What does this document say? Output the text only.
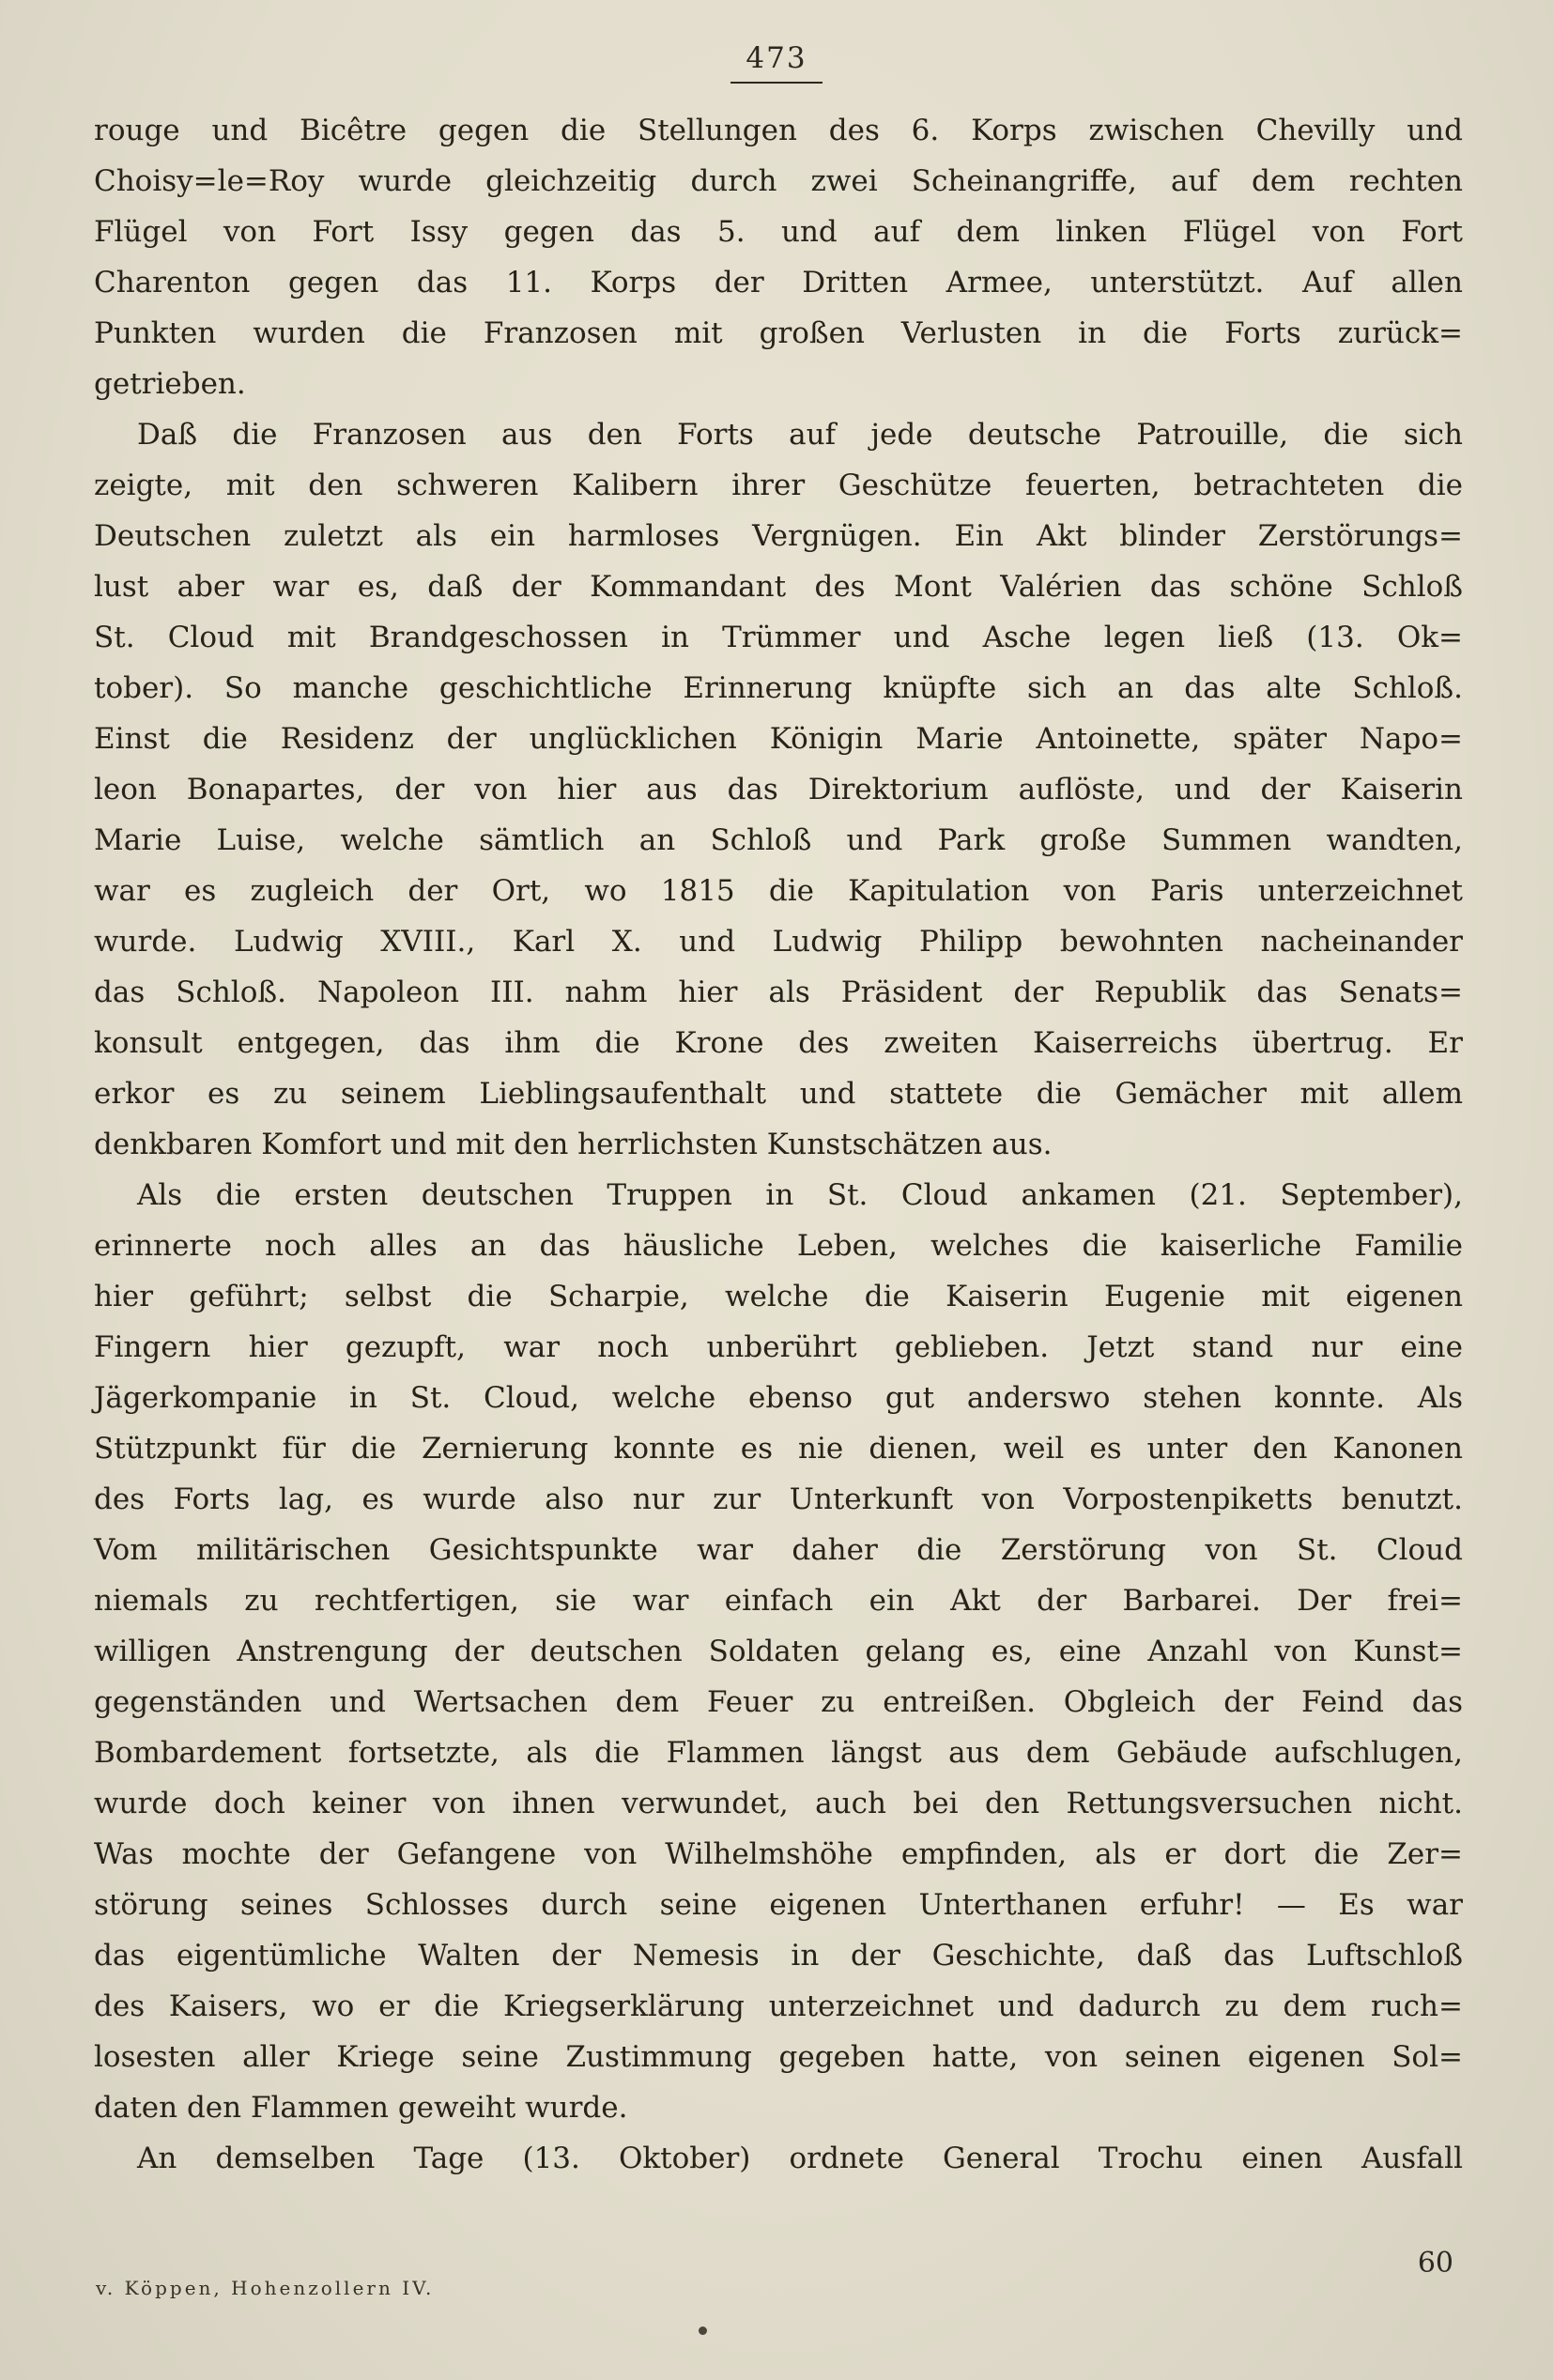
473

rouge und Bicêtre gegen die Stellungen des 6. Korps zwischen Chevilly und
Choisy=le=Roy wurde gleichzeitig durch zwei Scheinangriffe, auf dem rechten
Flügel von Fort Issy gegen das 5. und auf dem linken Flügel von Fort
Charenton gegen das 11. Korps der Dritten Armee, unterstützt. Auf allen
Punkten wurden die Franzosen mit großen Verlusten in die Forts zurück=
getrieben.

Daß die Franzosen aus den Forts auf jede deutsche Patrouille, die sich
zeigte, mit den schweren Kalibern ihrer Geschütze feuerten, betrachteten die
Deutschen zuletzt als ein harmloses Vergnügen. Ein Akt blinder Zerstörungs=
lust aber war es, daß der Kommandant des Mont Valérien das schöne Schloß
St. Cloud mit Brandgeschossen in Trümmer und Asche legen ließ (13. Ok=
tober). So manche geschichtliche Erinnerung knüpfte sich an das alte Schloß.
Einst die Residenz der unglücklichen Königin Marie Antoinette, später Napo=
leon Bonapartes, der von hier aus das Direktorium auflöste, und der Kaiserin
Marie Luise, welche sämtlich an Schloß und Park große Summen wandten,
war es zugleich der Ort, wo 1815 die Kapitulation von Paris unterzeichnet
wurde. Ludwig XVIII., Karl X. und Ludwig Philipp bewohnten nacheinander
das Schloß. Napoleon III. nahm hier als Präsident der Republik das Senats=
konsult entgegen, das ihm die Krone des zweiten Kaiserreichs übertrug. Er
erkor es zu seinem Lieblingsaufenthalt und stattete die Gemächer mit allem
denkbaren Komfort und mit den herrlichsten Kunstschätzen aus.

Als die ersten deutschen Truppen in St. Cloud ankamen (21. September),
erinnerte noch alles an das häusliche Leben, welches die kaiserliche Familie
hier geführt; selbst die Scharpie, welche die Kaiserin Eugenie mit eigenen
Fingern hier gezupft, war noch unberührt geblieben. Jetzt stand nur eine
Jägerkompanie in St. Cloud, welche ebenso gut anderswo stehen konnte. Als
Stützpunkt für die Zernierung konnte es nie dienen, weil es unter den Kanonen
des Forts lag, es wurde also nur zur Unterkunft von Vorpostenpiketts benutzt.
Vom militärischen Gesichtspunkte war daher die Zerstörung von St. Cloud
niemals zu rechtfertigen, sie war einfach ein Akt der Barbarei. Der frei=
willigen Anstrengung der deutschen Soldaten gelang es, eine Anzahl von Kunst=
gegenständen und Wertsachen dem Feuer zu entreißen. Obgleich der Feind das
Bombardement fortsetzte, als die Flammen längst aus dem Gebäude aufschlugen,
wurde doch keiner von ihnen verwundet, auch bei den Rettungsversuchen nicht.
Was mochte der Gefangene von Wilhelmshöhe empfinden, als er dort die Zer=
störung seines Schlosses durch seine eigenen Unterthanen erfuhr! — Es war
das eigentümliche Walten der Nemesis in der Geschichte, daß das Luftschloß
des Kaisers, wo er die Kriegserklärung unterzeichnet und dadurch zu dem ruch=
losesten aller Kriege seine Zustimmung gegeben hatte, von seinen eigenen Sol=
daten den Flammen geweiht wurde.

An demselben Tage (13. Oktober) ordnete General Trochu einen Ausfall

v. Köppen, Hohenzollern IV.
60
